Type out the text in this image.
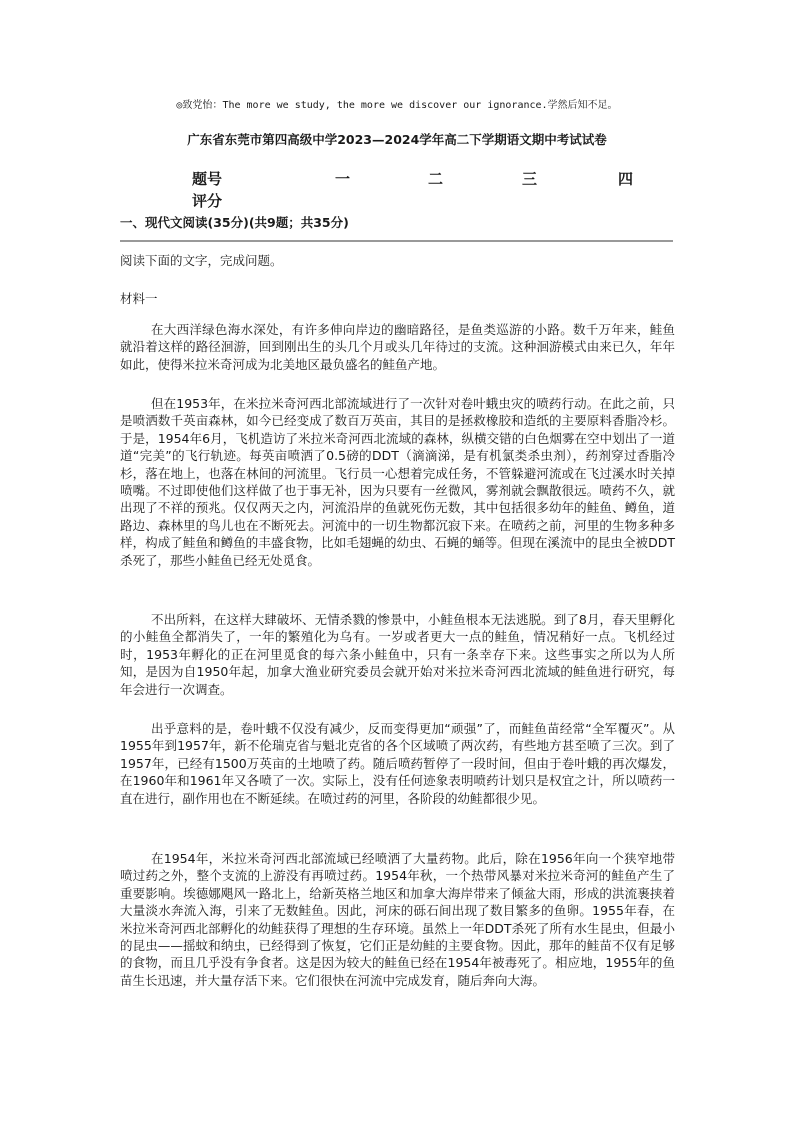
◎致党怡：The more we study, the more we discover our ignorance.学然后知不足。
广东省东莞市第四高级中学2023—2024学年高二下学期语文期中考试试卷
题号	一	二	三	四
评分
一、现代文阅读(35分)(共9题；共35分)
阅读下面的文字，完成问题。
材料一

在大西洋绿色海水深处，有许多伸向岸边的幽暗路径，是鱼类巡游的小路。数千万年来，鲑鱼就沿着这样的路径洄游，回到刚出生的头几个月或头几年待过的支流。这种洄游模式由来已久，年年如此，使得米拉米奇河成为北美地区最负盛名的鲑鱼产地。

但在1953年，在米拉米奇河西北部流域进行了一次针对卷叶蛾虫灾的喷药行动。在此之前，只是喷洒数千英亩森林，如今已经变成了数百万英亩，其目的是拯救橡胶和造纸的主要原料香脂冷杉。于是，1954年6月，飞机造访了米拉米奇河西北流域的森林，纵横交错的白色烟雾在空中划出了一道道“完美”的飞行轨迹。每英亩喷洒了0.5磅的DDT（滴滴涕，是有机氯类杀虫剂），药剂穿过香脂冷杉，落在地上，也落在林间的河流里。飞行员一心想着完成任务，不管躲避河流或在飞过溪水时关掉喷嘴。不过即使他们这样做了也于事无补，因为只要有一丝微风，雾剂就会飘散很远。喷药不久，就出现了不祥的预兆。仅仅两天之内，河流沿岸的鱼就死伤无数，其中包括很多幼年的鲑鱼、鳟鱼，道路边、森林里的鸟儿也在不断死去。河流中的一切生物都沉寂下来。在喷药之前，河里的生物多种多样，构成了鲑鱼和鳟鱼的丰盛食物，比如毛翅蝇的幼虫、石蝇的蛹等。但现在溪流中的昆虫全被DDT杀死了，那些小鲑鱼已经无处觅食。

不出所料，在这样大肆破坏、无情杀戮的惨景中，小鲑鱼根本无法逃脱。到了8月，春天里孵化的小鲑鱼全都消失了，一年的繁殖化为乌有。一岁或者更大一点的鲑鱼，情况稍好一点。飞机经过时，1953年孵化的正在河里觅食的每六条小鲑鱼中，只有一条幸存下来。这些事实之所以为人所知，是因为自1950年起，加拿大渔业研究委员会就开始对米拉米奇河西北流域的鲑鱼进行研究，每年会进行一次调查。

出乎意料的是，卷叶蛾不仅没有减少，反而变得更加“顽强”了，而鲑鱼苗经常“全军覆灭”。从1955年到1957年，新不伦瑞克省与魁北克省的各个区域喷了两次药，有些地方甚至喷了三次。到了1957年，已经有1500万英亩的土地喷了药。随后喷药暂停了一段时间，但由于卷叶蛾的再次爆发，在1960年和1961年又各喷了一次。实际上，没有任何迹象表明喷药计划只是权宜之计，所以喷药一直在进行，副作用也在不断延续。在喷过药的河里，各阶段的幼鲑都很少见。

在1954年，米拉米奇河西北部流域已经喷洒了大量药物。此后，除在1956年向一个狭窄地带喷过药之外，整个支流的上游没有再喷过药。1954年秋，一个热带风暴对米拉米奇河的鲑鱼产生了重要影响。埃德娜飓风一路北上，给新英格兰地区和加拿大海岸带来了倾盆大雨，形成的洪流裹挟着大量淡水奔流入海，引来了无数鲑鱼。因此，河床的砾石间出现了数目繁多的鱼卵。1955年春，在米拉米奇河西北部孵化的幼鲑获得了理想的生存环境。虽然上一年DDT杀死了所有水生昆虫，但最小的昆虫——摇蚊和纳虫，已经得到了恢复，它们正是幼鲑的主要食物。因此，那年的鲑苗不仅有足够的食物，而且几乎没有争食者。这是因为较大的鲑鱼已经在1954年被毒死了。相应地，1955年的鱼苗生长迅速，并大量存活下来。它们很快在河流中完成发育，随后奔向大海。
